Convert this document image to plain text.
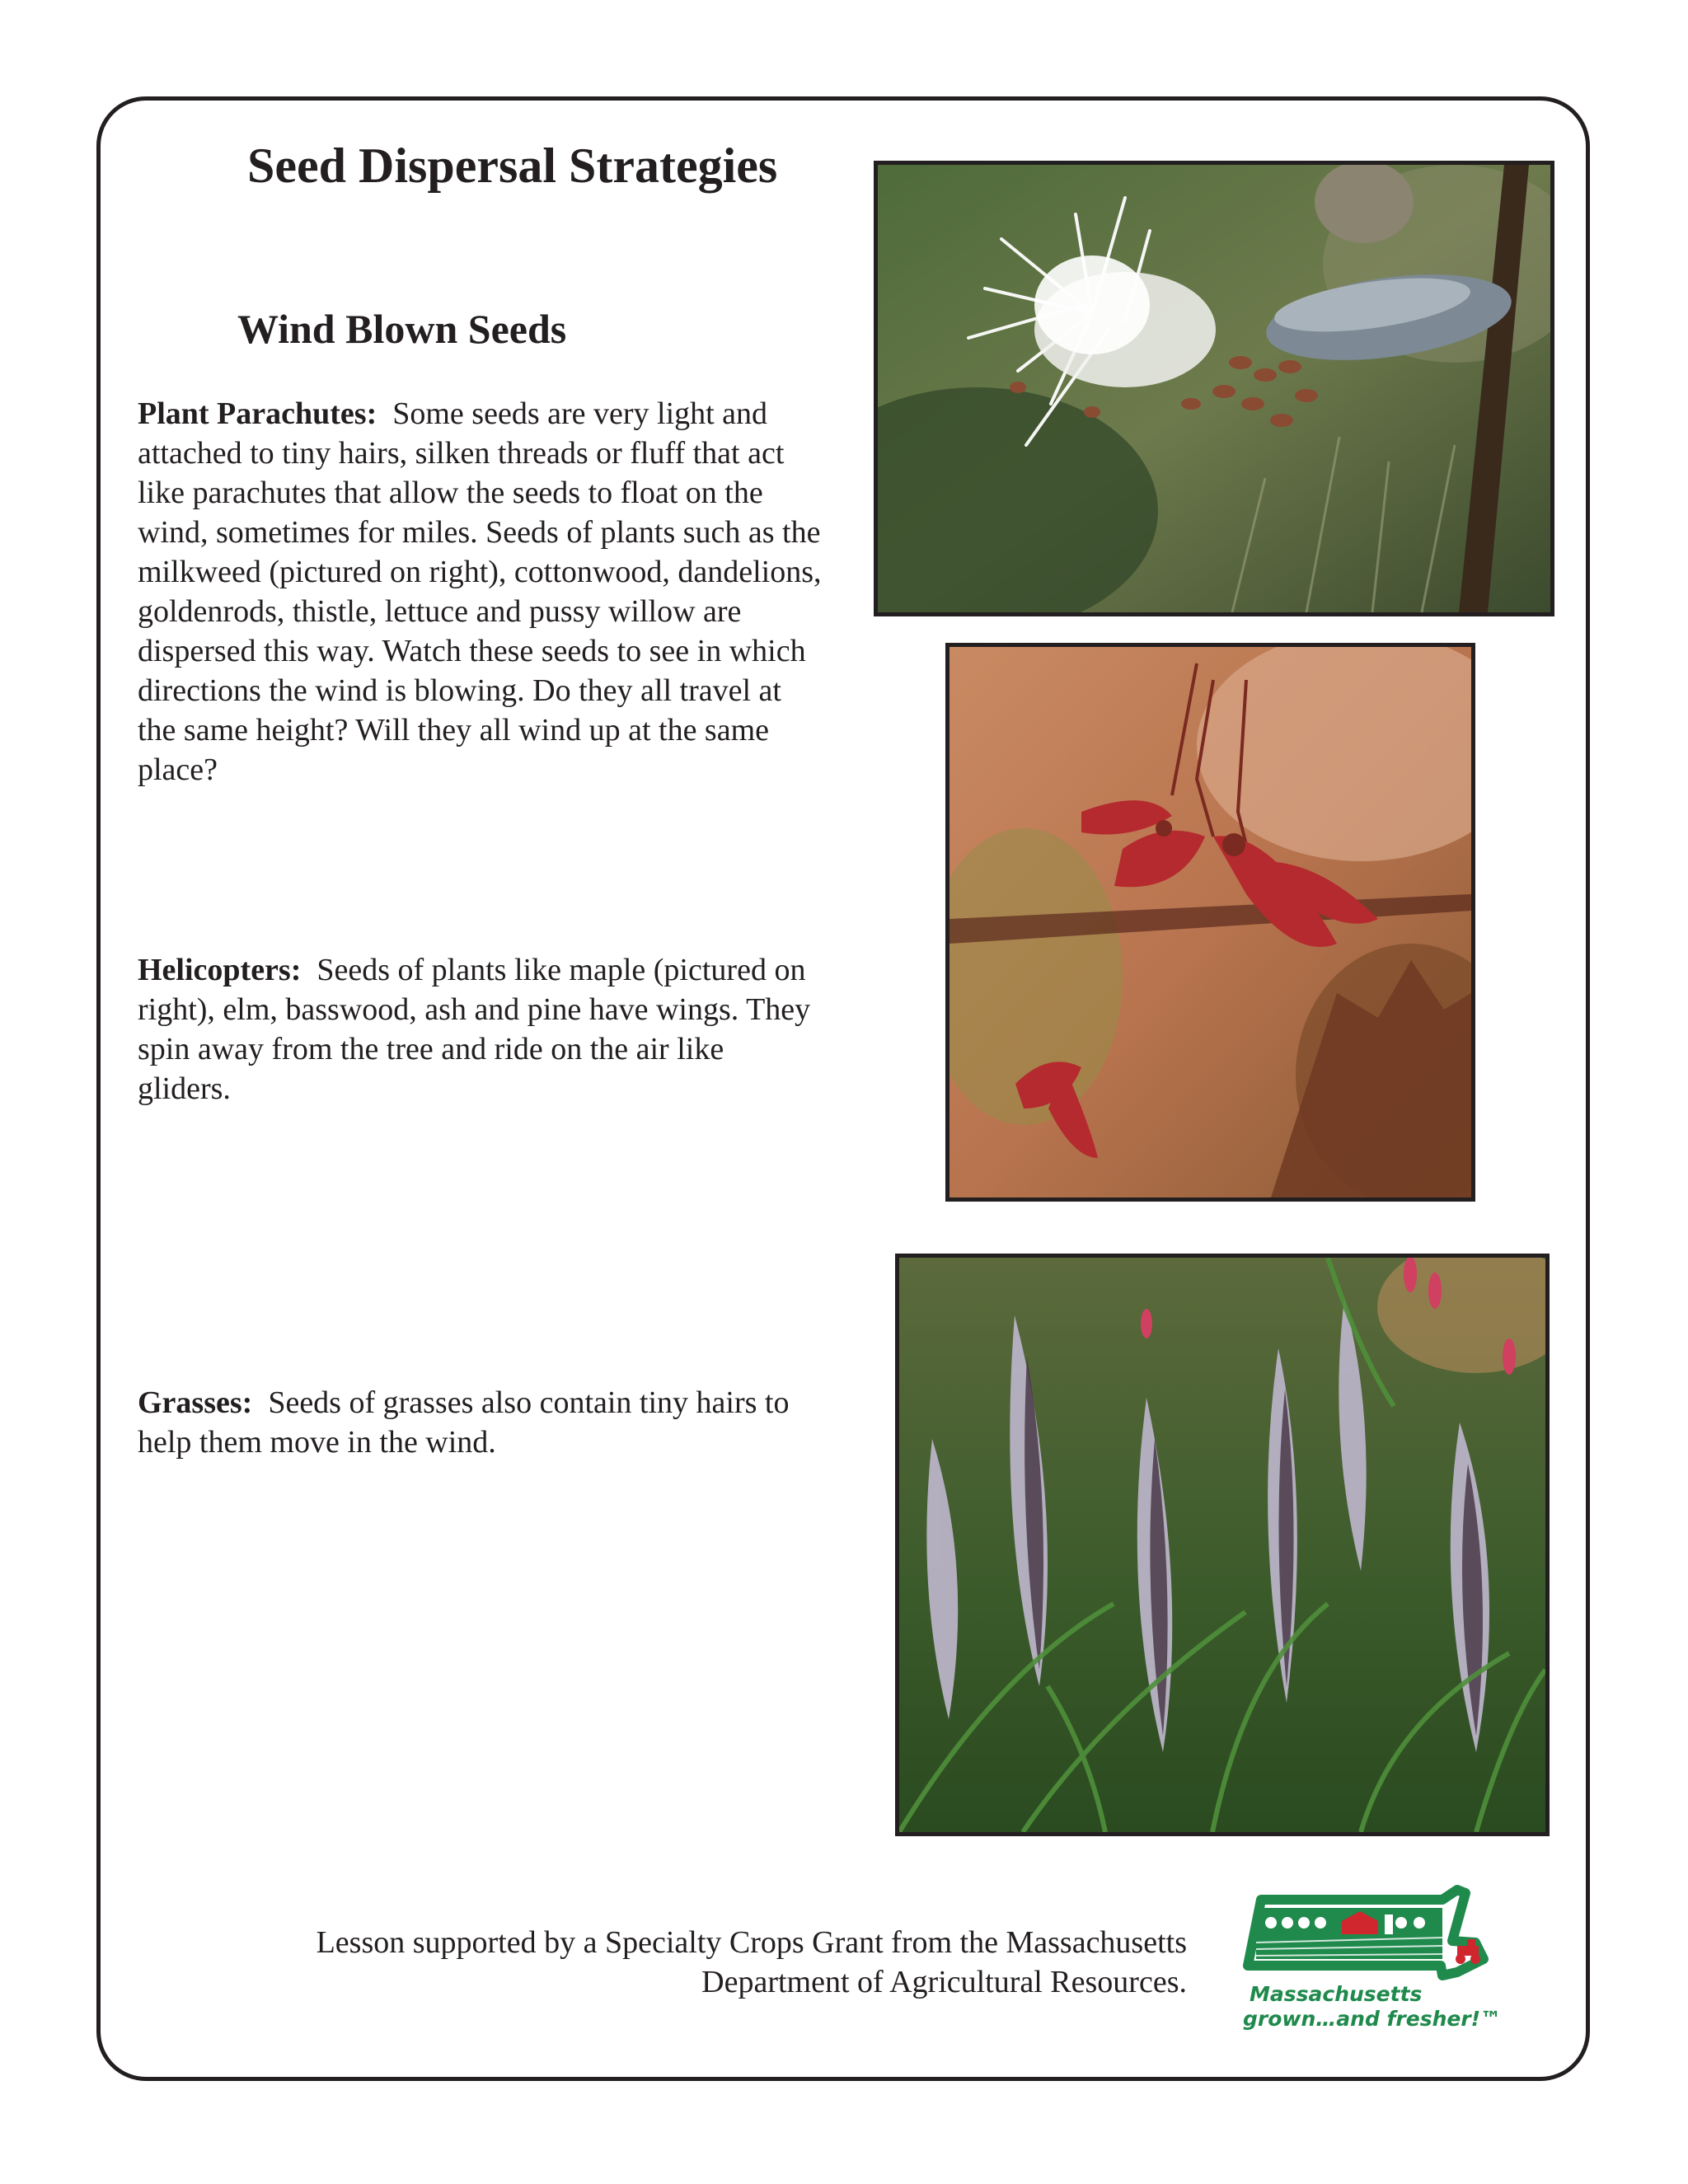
Seed Dispersal Strategies
Wind Blown Seeds

Plant Parachutes: Some seeds are very light and attached to tiny hairs, silken threads or fluff that act like parachutes that allow the seeds to float on the wind, sometimes for miles. Seeds of plants such as the milkweed (pictured on right), cottonwood, dandelions, goldenrods, thistle, lettuce and pussy willow are dispersed this way. Watch these seeds to see in which directions the wind is blowing. Do they all travel at the same height? Will they all wind up at the same place?

Helicopters: Seeds of plants like maple (pictured on right), elm, basswood, ash and pine have wings. They spin away from the tree and ride on the air like gliders.

Grasses: Seeds of grasses also contain tiny hairs to help them move in the wind.

Lesson supported by a Specialty Crops Grant from the Massachusetts
Department of Agricultural Resources.	Massachusetts
grown…and fresher!™
